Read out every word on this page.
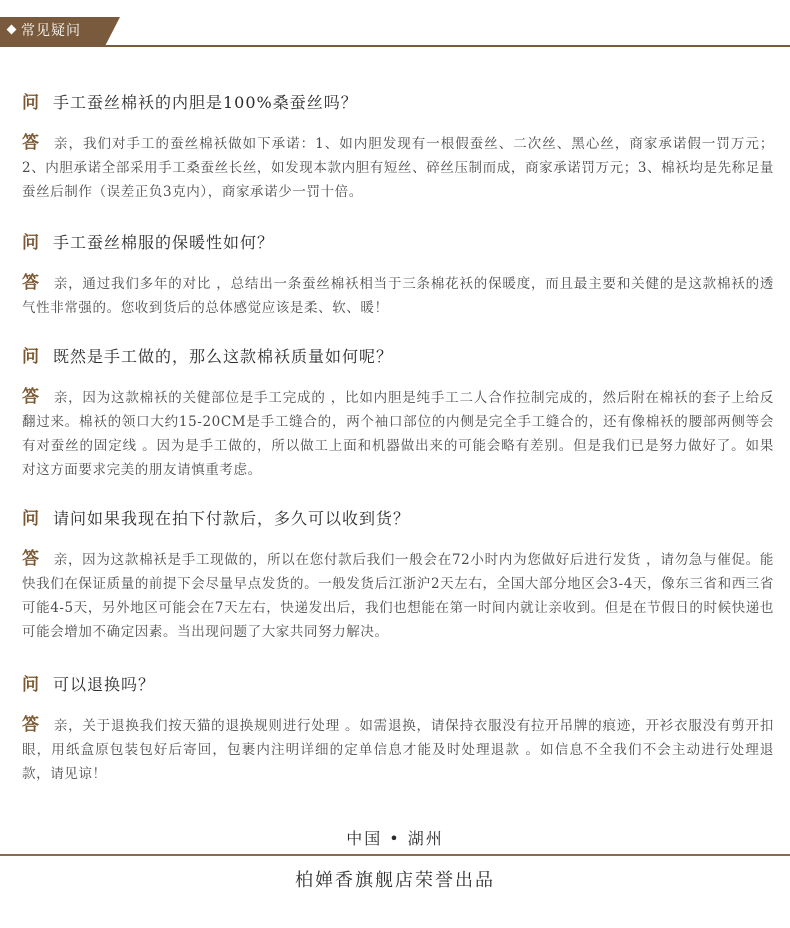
常见疑问
问 手工蚕丝棉袄的内胆是100%桑蚕丝吗？
答 亲，我们对手工的蚕丝棉袄做如下承诺：1、如内胆发现有一根假蚕丝、二次丝、黑心丝，商家承诺假一罚万元；2、内胆承诺全部采用手工桑蚕丝长丝，如发现本款内胆有短丝、碎丝压制而成，商家承诺罚万元；3、棉袄均是先称足量蚕丝后制作（误差正负3克内），商家承诺少一罚十倍。
问 手工蚕丝棉服的保暖性如何？
答 亲，通过我们多年的对比 ，总结出一条蚕丝棉袄相当于三条棉花袄的保暖度，而且最主要和关健的是这款棉袄的透气性非常强的。您收到货后的总体感觉应该是柔、软、暖！
问 既然是手工做的，那么这款棉袄质量如何呢？
答 亲，因为这款棉袄的关健部位是手工完成的 ，比如内胆是纯手工二人合作拉制完成的，然后附在棉袄的套子上给反翻过来。棉袄的领口大约15-20CM是手工缝合的，两个袖口部位的内侧是完全手工缝合的，还有像棉袄的腰部两侧等会有对蚕丝的固定线 。因为是手工做的，所以做工上面和机器做出来的可能会略有差别。但是我们已是努力做好了。如果对这方面要求完美的朋友请慎重考虑。
问 请问如果我现在拍下付款后，多久可以收到货？
答 亲，因为这款棉袄是手工现做的，所以在您付款后我们一般会在72小时内为您做好后进行发货 ，请勿急与催促。能快我们在保证质量的前提下会尽量早点发货的。一般发货后江浙沪2天左右，全国大部分地区会3-4天，像东三省和西三省可能4-5天，另外地区可能会在7天左右，快递发出后，我们也想能在第一时间内就让亲收到。但是在节假日的时候快递也可能会增加不确定因素。当出现问题了大家共同努力解决。
问 可以退换吗？
答 亲，关于退换我们按天猫的退换规则进行处理 。如需退换，请保持衣服没有拉开吊牌的痕迹，开衫衣服没有剪开扣眼，用纸盒原包装包好后寄回，包裹内注明详细的定单信息才能及时处理退款 。如信息不全我们不会主动进行处理退款，请见谅！
中国 • 湖州
柏婵香旗舰店荣誉出品
